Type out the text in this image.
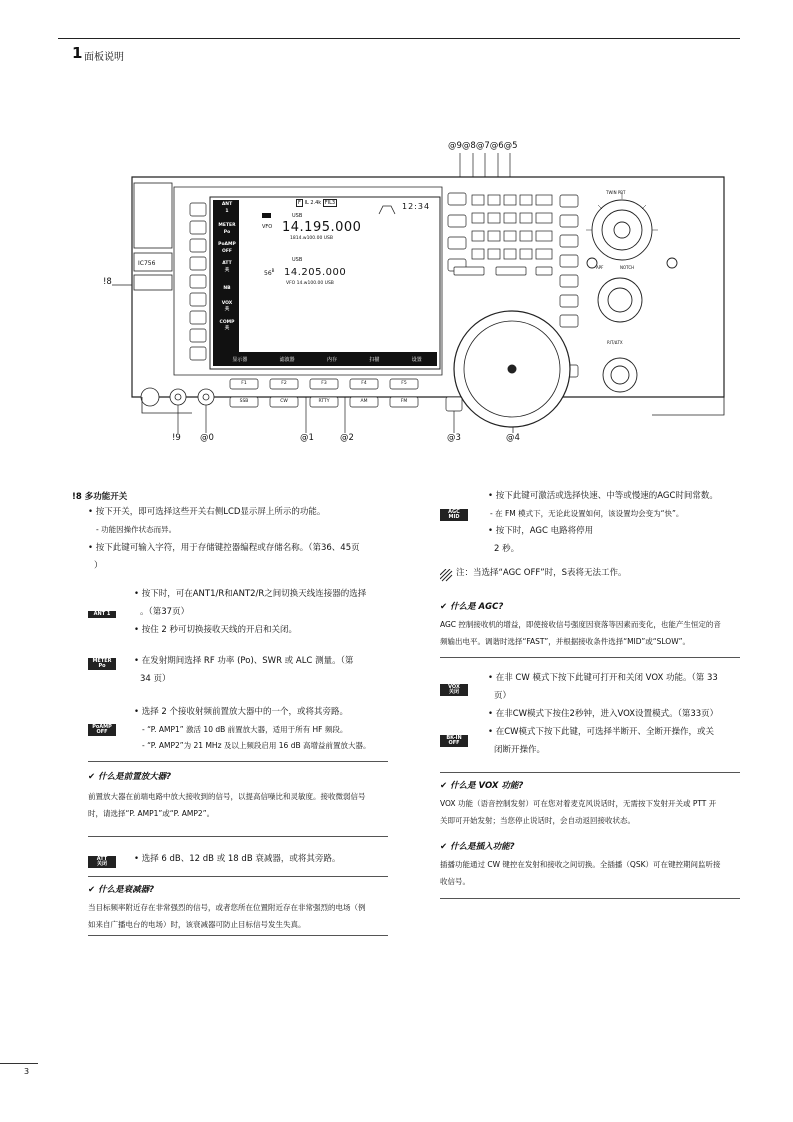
1 面板说明
@9@8@7@6@5
!8
!9 @0	@1	@2	@3	@4
ANT
1
METER
Po
PoAMP
OFF
ATT
关
NB
VOX
关
COMP
关
F IL 2.4k FIL3	12:34
USB
VFO 14.195.000
1814.w100.00 USB
USB
$56^B$ 14.205.000
VFO 14.w100.00 USB
显示器	滤波器	内存	扫描	设置
F1	F2	F3	F4	F5
SSB	CW	RTTY	AM	FM
IC756
RIT/ΔTX
APF
TWIN PBT
NOTCH
!8 多功能开关
• 按下开关，即可选择这些开关右侧LCD显示屏上所示的功能。
- 功能因操作状态而异。
• 按下此键可输入字符，用于存储键控器编程或存储名称。（第36、45页
）
ANT 1
• 按下时，可在ANT1/R和ANT2/R之间切换天线连接器的选择
。（第37页）
• 按住 2 秒可切换接收天线的开启和关闭。
METER
Po	• 在发射期间选择 RF 功率 (Po)、SWR 或 ALC 测量。（第
34 页）
PoAMP
OFF
• 选择 2 个接收射频前置放大器中的一个，或将其旁路。
- “P. AMP1” 激活 10 dB 前置放大器，适用于所有 HF 频段。
- “P. AMP2”为 21 MHz 及以上频段启用 16 dB 高增益前置放大器。
✔ 什么是前置放大器?
前置放大器在前端电路中放大接收到的信号，以提高信噪比和灵敏度。接收微弱信号
时，请选择“P. AMP1”或“P. AMP2”。
ATT
关闭	• 选择 6 dB、12 dB 或 18 dB 衰减器，或将其旁路。
✔ 什么是衰减器?
当目标频率附近存在非常强烈的信号，或者您所在位置附近存在非常强烈的电场（例
如来自广播电台的电场）时，该衰减器可防止目标信号发生失真。
• 按下此键可激活或选择快速、中等或慢速的AGC时间常数。
AGC
MID	- 在 FM 模式下，无论此设置如何，该设置均会变为“快”。
• 按下时，AGC 电路将停用
2 秒。
注：当选择“AGC OFF”时，S表将无法工作。
✔ 什么是 AGC?
AGC 控制接收机的增益，即使接收信号强度因衰落等因素而变化，也能产生恒定的音
频输出电平。调谐时选择“FAST”，并根据接收条件选择“MID”或“SLOW”。
VOX
关闭
• 在非 CW 模式下按下此键可打开和关闭 VOX 功能。（第 33
页）
• 在非CW模式下按住2秒钟，进入VOX设置模式。（第33页）
BK-IN
OFF
• 在CW模式下按下此键，可选择半断开、全断开操作，或关
闭断开操作。
✔ 什么是 VOX 功能?
VOX 功能（语音控制发射）可在您对着麦克风说话时，无需按下发射开关或 PTT 开
关即可开始发射；当您停止说话时，会自动返回接收状态。
✔ 什么是插入功能?
插播功能通过 CW 键控在发射和接收之间切换。全插播（QSK）可在键控期间监听接
收信号。
3
